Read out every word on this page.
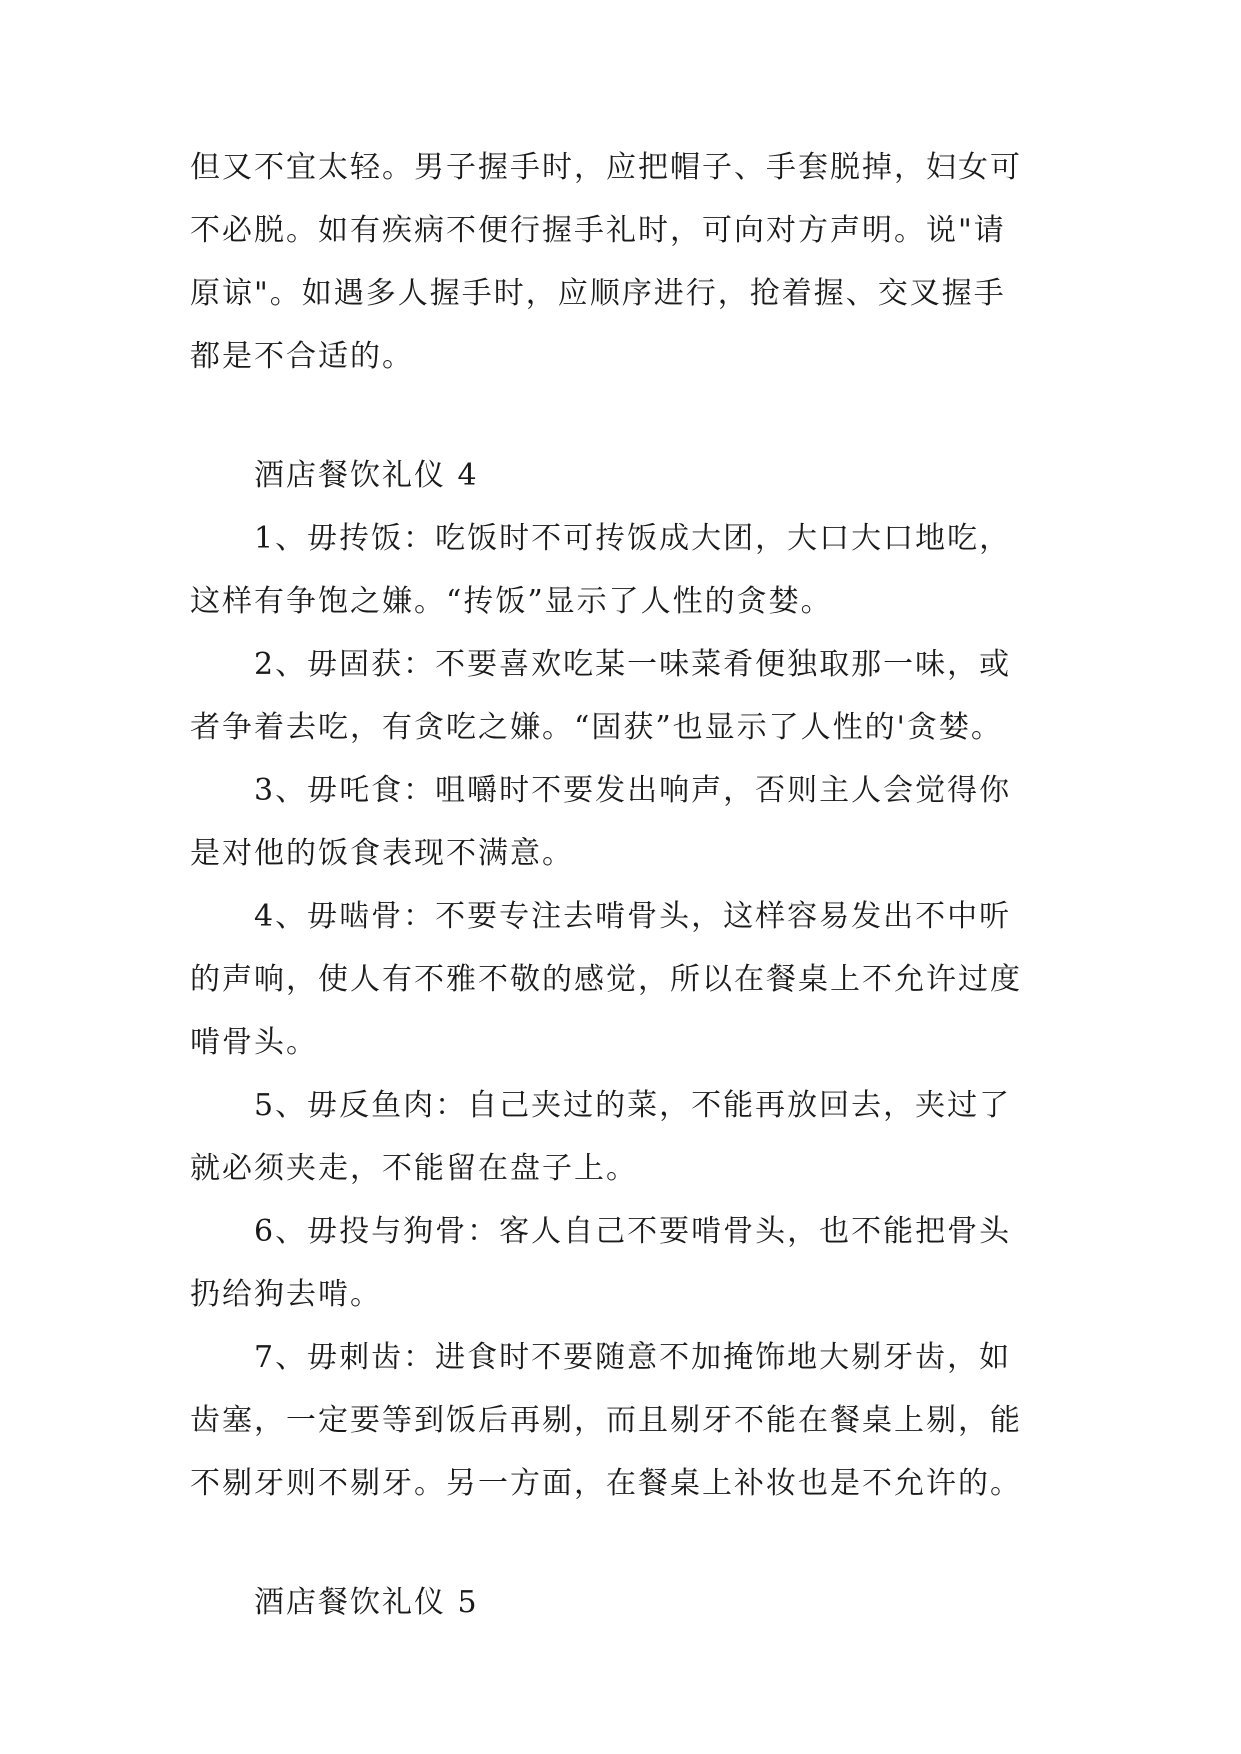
但又不宜太轻。男子握手时，应把帽子、手套脱掉，妇女可
不必脱。如有疾病不便行握手礼时，可向对方声明。说"请
原谅"。如遇多人握手时，应顺序进行，抢着握、交叉握手
都是不合适的。
酒店餐饮礼仪 4
1、毋抟饭：吃饭时不可抟饭成大团，大口大口地吃，
这样有争饱之嫌。“抟饭”显示了人性的贪婪。
2、毋固获：不要喜欢吃某一味菜肴便独取那一味，或
者争着去吃，有贪吃之嫌。“固获”也显示了人性的'贪婪。
3、毋吒食：咀嚼时不要发出响声，否则主人会觉得你
是对他的饭食表现不满意。
4、毋啮骨：不要专注去啃骨头，这样容易发出不中听
的声响，使人有不雅不敬的感觉，所以在餐桌上不允许过度
啃骨头。
5、毋反鱼肉：自己夹过的菜，不能再放回去，夹过了
就必须夹走，不能留在盘子上。
6、毋投与狗骨：客人自己不要啃骨头，也不能把骨头
扔给狗去啃。
7、毋刺齿：进食时不要随意不加掩饰地大剔牙齿，如
齿塞，一定要等到饭后再剔，而且剔牙不能在餐桌上剔，能
不剔牙则不剔牙。另一方面，在餐桌上补妆也是不允许的。
酒店餐饮礼仪 5
